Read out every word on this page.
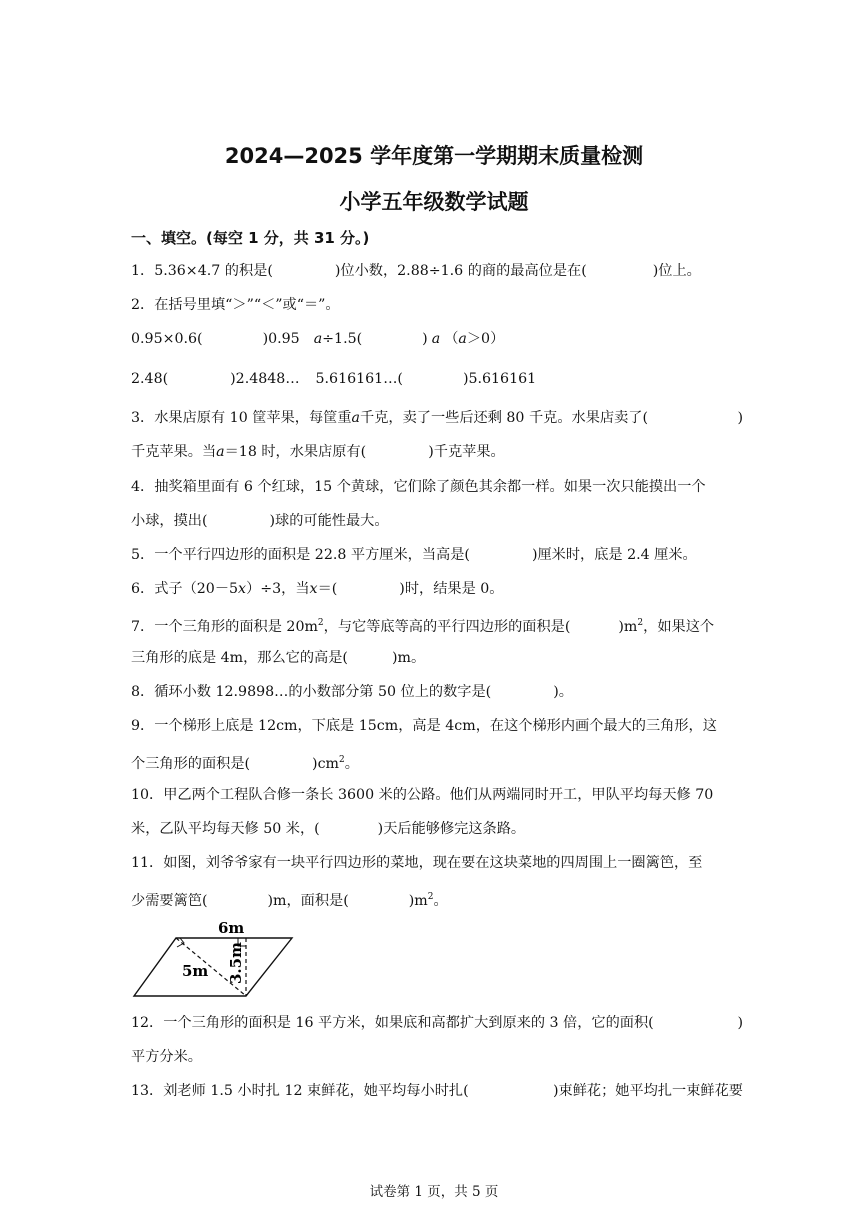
2024—2025 学年度第一学期期末质量检测
小学五年级数学试题
一、填空。(每空 1 分，共 31 分。)
1．5.36×4.7 的积是(	)位小数，2.88÷1.6 的商的最高位是在(	)位上。
2．在括号里填“＞”“＜”或“＝”。
0.95×0.6(	)0.95 a÷1.5(	) a （a＞0）
2.48(	)2.4848… 5.616161…(	)5.616161
3．水果店原有 10 筐苹果，每筐重a千克，卖了一些后还剩 80 千克。水果店卖了(	)
千克苹果。当a＝18 时，水果店原有(	)千克苹果。
4．抽奖箱里面有 6 个红球，15 个黄球，它们除了颜色其余都一样。如果一次只能摸出一个
小球，摸出(	)球的可能性最大。
5．一个平行四边形的面积是 22.8 平方厘米，当高是(	)厘米时，底是 2.4 厘米。
6．式子（20－5x）÷3，当x＝(	)时，结果是 0。
7．一个三角形的面积是 $20m^2$，与它等底等高的平行四边形的面积是(	)$m^2$，如果这个
三角形的底是 4m，那么它的高是(	)m。
8．循环小数 12.9898…的小数部分第 50 位上的数字是(	)。
9．一个梯形上底是 12cm，下底是 15cm，高是 4cm，在这个梯形内画个最大的三角形，这
个三角形的面积是(	)$cm^2$。
10．甲乙两个工程队合修一条长 3600 米的公路。他们从两端同时开工，甲队平均每天修 70
米，乙队平均每天修 50 米，(	)天后能够修完这条路。
11．如图，刘爷爷家有一块平行四边形的菜地，现在要在这块菜地的四周围上一圈篱笆，至
少需要篱笆(	)m，面积是(	)$m^2$。
6m
5m 3.5m
12．一个三角形的面积是 16 平方米，如果底和高都扩大到原来的 3 倍，它的面积(	)
平方分米。
13．刘老师 1.5 小时扎 12 束鲜花，她平均每小时扎(	)束鲜花；她平均扎一束鲜花要
试卷第 1 页，共 5 页
